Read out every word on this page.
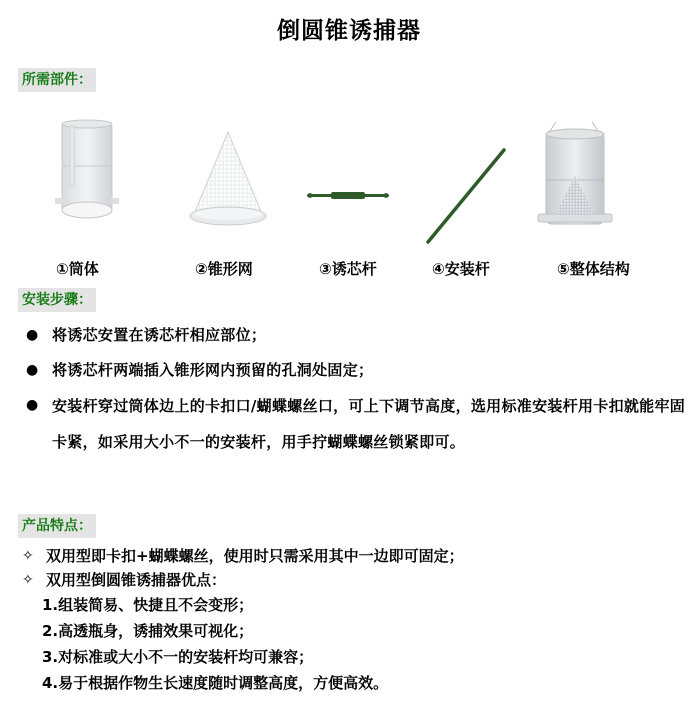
倒圆锥诱捕器
所需部件：
①筒体	②锥形网	③诱芯杆	④安装杆	⑤整体结构
安装步骤：
● 将诱芯安置在诱芯杆相应部位；
● 将诱芯杆两端插入锥形网内预留的孔洞处固定；
● 安装杆穿过筒体边上的卡扣口/蝴蝶螺丝口，可上下调节高度，选用标准安装杆用卡扣就能牢固卡紧，如采用大小不一的安装杆，用手拧蝴蝶螺丝锁紧即可。
产品特点：
✧ 双用型即卡扣+蝴蝶螺丝，使用时只需采用其中一边即可固定；
✧ 双用型倒圆锥诱捕器优点：
1.组装简易、快捷且不会变形；
2.高透瓶身，诱捕效果可视化；
3.对标准或大小不一的安装杆均可兼容；
4.易于根据作物生长速度随时调整高度，方便高效。
